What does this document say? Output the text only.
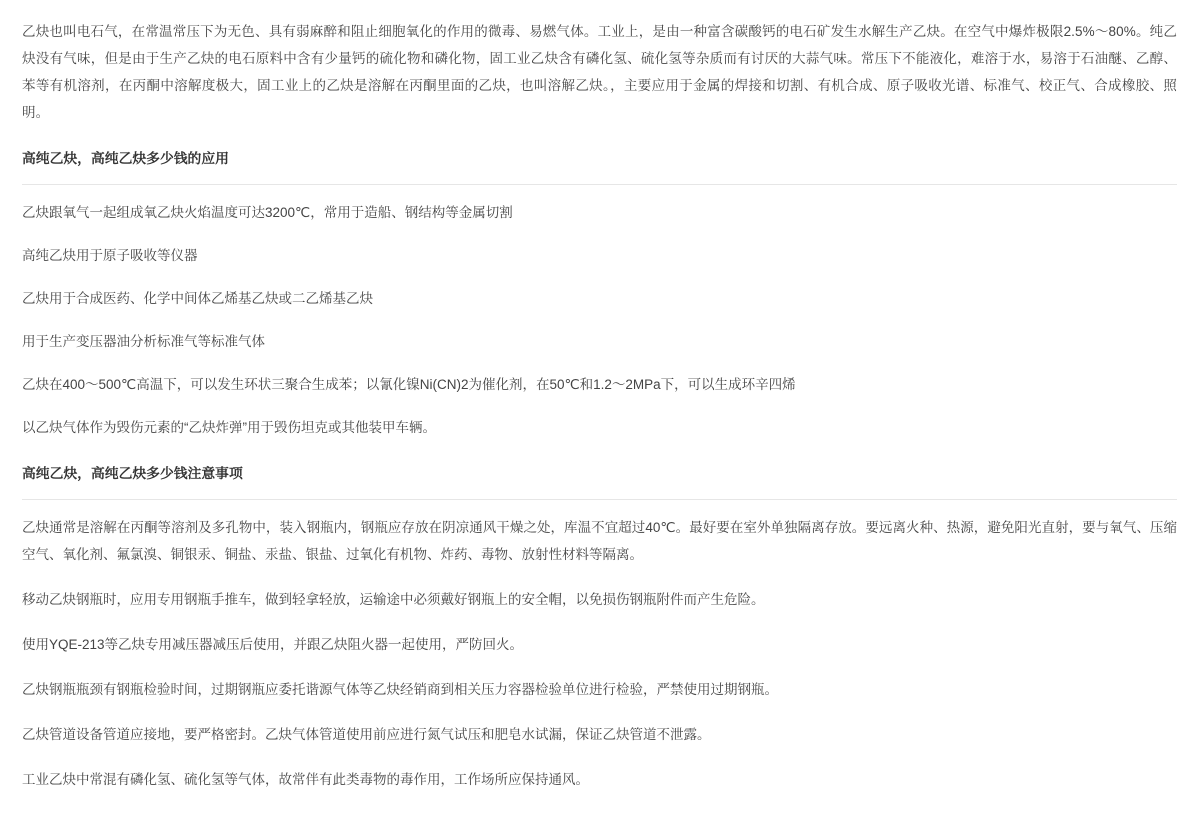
乙炔也叫电石气，在常温常压下为无色、具有弱麻醉和阻止细胞氧化的作用的微毒、易燃气体。工业上，是由一种富含碳酸钙的电石矿发生水解生产乙炔。在空气中爆炸极限2.5%～80%。纯乙炔没有气味，但是由于生产乙炔的电石原料中含有少量钙的硫化物和磷化物，固工业乙炔含有磷化氢、硫化氢等杂质而有讨厌的大蒜气味。常压下不能液化，难溶于水，易溶于石油醚、乙醇、苯等有机溶剂，在丙酮中溶解度极大，固工业上的乙炔是溶解在丙酮里面的乙炔，也叫溶解乙炔。，主要应用于金属的焊接和切割、有机合成、原子吸收光谱、标准气、校正气、合成橡胶、照明。

高纯乙炔，高纯乙炔多少钱的应用

乙炔跟氧气一起组成氧乙炔火焰温度可达3200℃，常用于造船、钢结构等金属切割

高纯乙炔用于原子吸收等仪器

乙炔用于合成医药、化学中间体乙烯基乙炔或二乙烯基乙炔

用于生产变压器油分析标准气等标准气体

乙炔在400～500℃高温下，可以发生环状三聚合生成苯；以氰化镍Ni(CN)2为催化剂，在50℃和1.2～2MPa下，可以生成环辛四烯

以乙炔气体作为毁伤元素的“乙炔炸弹”用于毁伤坦克或其他装甲车辆。

高纯乙炔，高纯乙炔多少钱注意事项

乙炔通常是溶解在丙酮等溶剂及多孔物中，装入钢瓶内，钢瓶应存放在阴凉通风干燥之处，库温不宜超过40℃。最好要在室外单独隔离存放。要远离火种、热源，避免阳光直射，要与氧气、压缩空气、氧化剂、氟氯溴、铜银汞、铜盐、汞盐、银盐、过氧化有机物、炸药、毒物、放射性材料等隔离。

移动乙炔钢瓶时，应用专用钢瓶手推车，做到轻拿轻放，运输途中必须戴好钢瓶上的安全帽，以免损伤钢瓶附件而产生危险。

使用YQE-213等乙炔专用减压器减压后使用，并跟乙炔阻火器一起使用，严防回火。

乙炔钢瓶瓶颈有钢瓶检验时间，过期钢瓶应委托谐源气体等乙炔经销商到相关压力容器检验单位进行检验，严禁使用过期钢瓶。

乙炔管道设备管道应接地，要严格密封。乙炔气体管道使用前应进行氮气试压和肥皂水试漏，保证乙炔管道不泄露。

工业乙炔中常混有磷化氢、硫化氢等气体，故常伴有此类毒物的毒作用，工作场所应保持通风。
